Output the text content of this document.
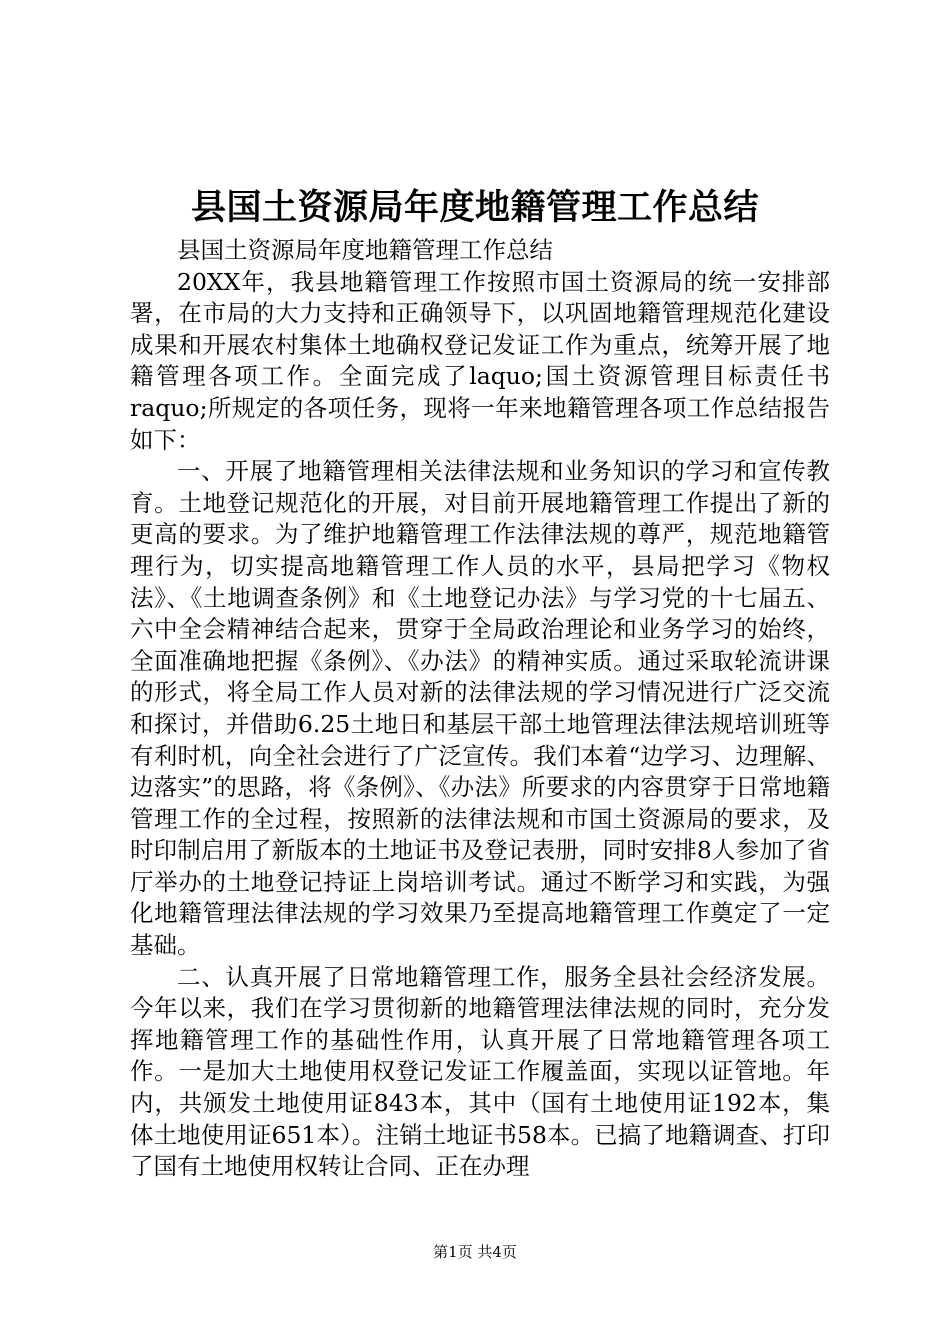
县国土资源局年度地籍管理工作总结

县国土资源局年度地籍管理工作总结

20XX年，我县地籍管理工作按照市国土资源局的统一安排部署，在市局的大力支持和正确领导下，以巩固地籍管理规范化建设成果和开展农村集体土地确权登记发证工作为重点，统筹开展了地籍管理各项工作。全面完成了laquo;国土资源管理目标责任书raquo;所规定的各项任务，现将一年来地籍管理各项工作总结报告如下：

一、开展了地籍管理相关法律法规和业务知识的学习和宣传教育。土地登记规范化的开展，对目前开展地籍管理工作提出了新的更高的要求。为了维护地籍管理工作法律法规的尊严，规范地籍管理行为，切实提高地籍管理工作人员的水平，县局把学习《物权法》、《土地调查条例》和《土地登记办法》与学习党的十七届五、六中全会精神结合起来，贯穿于全局政治理论和业务学习的始终，全面准确地把握《条例》、《办法》的精神实质。通过采取轮流讲课的形式，将全局工作人员对新的法律法规的学习情况进行广泛交流和探讨，并借助6.25土地日和基层干部土地管理法律法规培训班等有利时机，向全社会进行了广泛宣传。我们本着“边学习、边理解、边落实”的思路，将《条例》、《办法》所要求的内容贯穿于日常地籍管理工作的全过程，按照新的法律法规和市国土资源局的要求，及时印制启用了新版本的土地证书及登记表册，同时安排8人参加了省厅举办的土地登记持证上岗培训考试。通过不断学习和实践，为强化地籍管理法律法规的学习效果乃至提高地籍管理工作奠定了一定基础。

二、认真开展了日常地籍管理工作，服务全县社会经济发展。今年以来，我们在学习贯彻新的地籍管理法律法规的同时，充分发挥地籍管理工作的基础性作用，认真开展了日常地籍管理各项工作。一是加大土地使用权登记发证工作履盖面，实现以证管地。年内，共颁发土地使用证843本，其中（国有土地使用证192本，集体土地使用证651本）。注销土地证书58本。已搞了地籍调查、打印了国有土地使用权转让合同、正在办理

第1页 共4页
